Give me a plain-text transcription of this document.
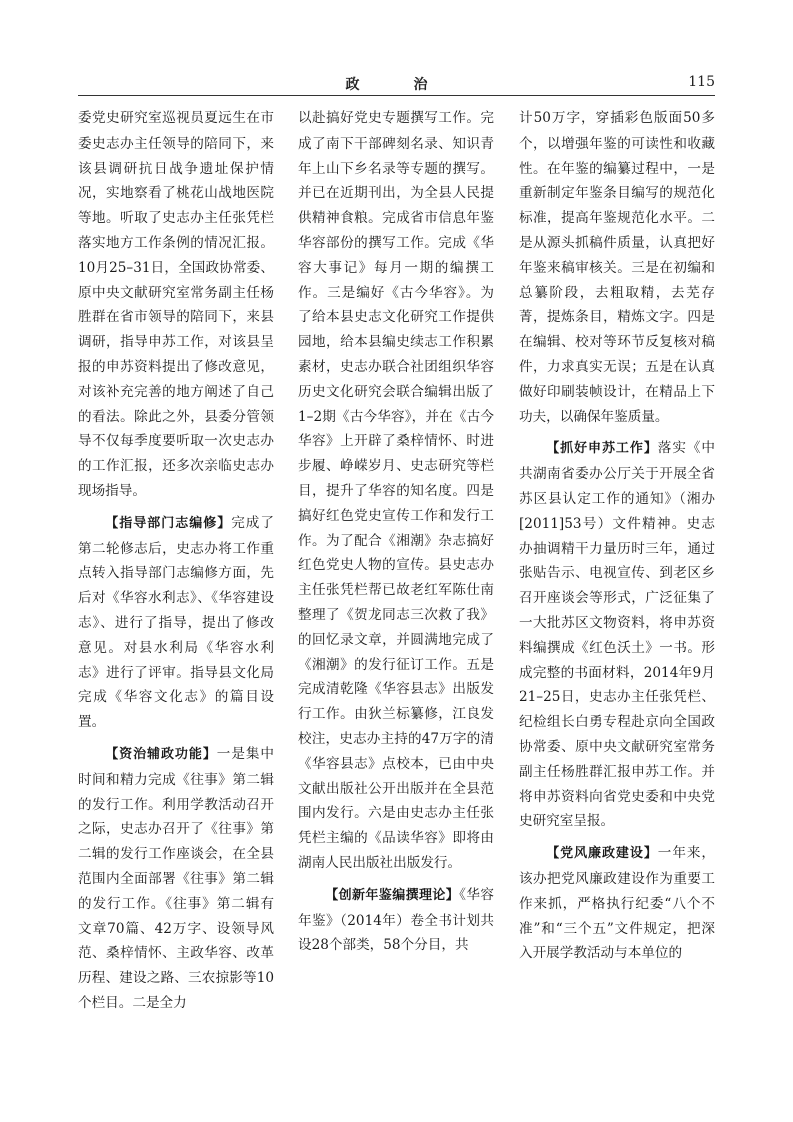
政　治	115

委党史研究室巡视员夏远生在市委史志办主任领导的陪同下，来该县调研抗日战争遗址保护情况，实地察看了桃花山战地医院等地。听取了史志办主任张凭栏落实地方工作条例的情况汇报。10月25–31日，全国政协常委、原中央文献研究室常务副主任杨胜群在省市领导的陪同下，来县调研，指导申苏工作，对该县呈报的申苏资料提出了修改意见，对该补充完善的地方阐述了自己的看法。除此之外，县委分管领导不仅每季度要听取一次史志办的工作汇报，还多次亲临史志办现场指导。

【指导部门志编修】完成了第二轮修志后，史志办将工作重点转入指导部门志编修方面，先后对《华容水利志》、《华容建设志》、进行了指导，提出了修改意见。对县水利局《华容水利志》进行了评审。指导县文化局完成《华容文化志》的篇目设置。

【资治辅政功能】一是集中时间和精力完成《往事》第二辑的发行工作。利用学教活动召开之际，史志办召开了《往事》第二辑的发行工作座谈会，在全县范围内全面部署《往事》第二辑的发行工作。《往事》第二辑有文章70篇、42万字、设领导风范、桑梓情怀、主政华容、改革历程、建设之路、三农掠影等10个栏目。二是全力

以赴搞好党史专题撰写工作。完成了南下干部碑刻名录、知识青年上山下乡名录等专题的撰写。并已在近期刊出，为全县人民提供精神食粮。完成省市信息年鉴华容部份的撰写工作。完成《华容大事记》每月一期的编撰工作。三是编好《古今华容》。为了给本县史志文化研究工作提供园地，给本县编史续志工作积累素材，史志办联合社团组织华容历史文化研究会联合编辑出版了1–2期《古今华容》，并在《古今华容》上开辟了桑梓情怀、时进步履、峥嵘岁月、史志研究等栏目，提升了华容的知名度。四是搞好红色党史宣传工作和发行工作。为了配合《湘潮》杂志搞好红色党史人物的宣传。县史志办主任张凭栏帮已故老红军陈仕南整理了《贺龙同志三次救了我》的回忆录文章，并圆满地完成了《湘潮》的发行征订工作。五是完成清乾隆《华容县志》出版发行工作。由狄兰标纂修，江良发校注，史志办主持的47万字的清《华容县志》点校本，已由中央文献出版社公开出版并在全县范围内发行。六是由史志办主任张凭栏主编的《品读华容》即将由湖南人民出版社出版发行。

【创新年鉴编撰理论】《华容年鉴》（2014年）卷全书计划共设28个部类，58个分目，共

计50万字，穿插彩色版面50多个，以增强年鉴的可读性和收藏性。在年鉴的编纂过程中，一是重新制定年鉴条目编写的规范化标准，提高年鉴规范化水平。二是从源头抓稿件质量，认真把好年鉴来稿审核关。三是在初编和总纂阶段，去粗取精，去芜存菁，提炼条目，精炼文字。四是在编辑、校对等环节反复核对稿件，力求真实无误；五是在认真做好印刷装帧设计，在精品上下功夫，以确保年鉴质量。

【抓好申苏工作】落实《中共湖南省委办公厅关于开展全省苏区县认定工作的通知》（湘办[2011]53号）文件精神。史志办抽调精干力量历时三年，通过张贴告示、电视宣传、到老区乡召开座谈会等形式，广泛征集了一大批苏区文物资料，将申苏资料编撰成《红色沃土》一书。形成完整的书面材料，2014年9月21–25日，史志办主任张凭栏、纪检组长白勇专程赴京向全国政协常委、原中央文献研究室常务副主任杨胜群汇报申苏工作。并将申苏资料向省党史委和中央党史研究室呈报。

【党风廉政建设】一年来，该办把党风廉政建设作为重要工作来抓，严格执行纪委“八个不准”和“三个五”文件规定，把深入开展学教活动与本单位的
